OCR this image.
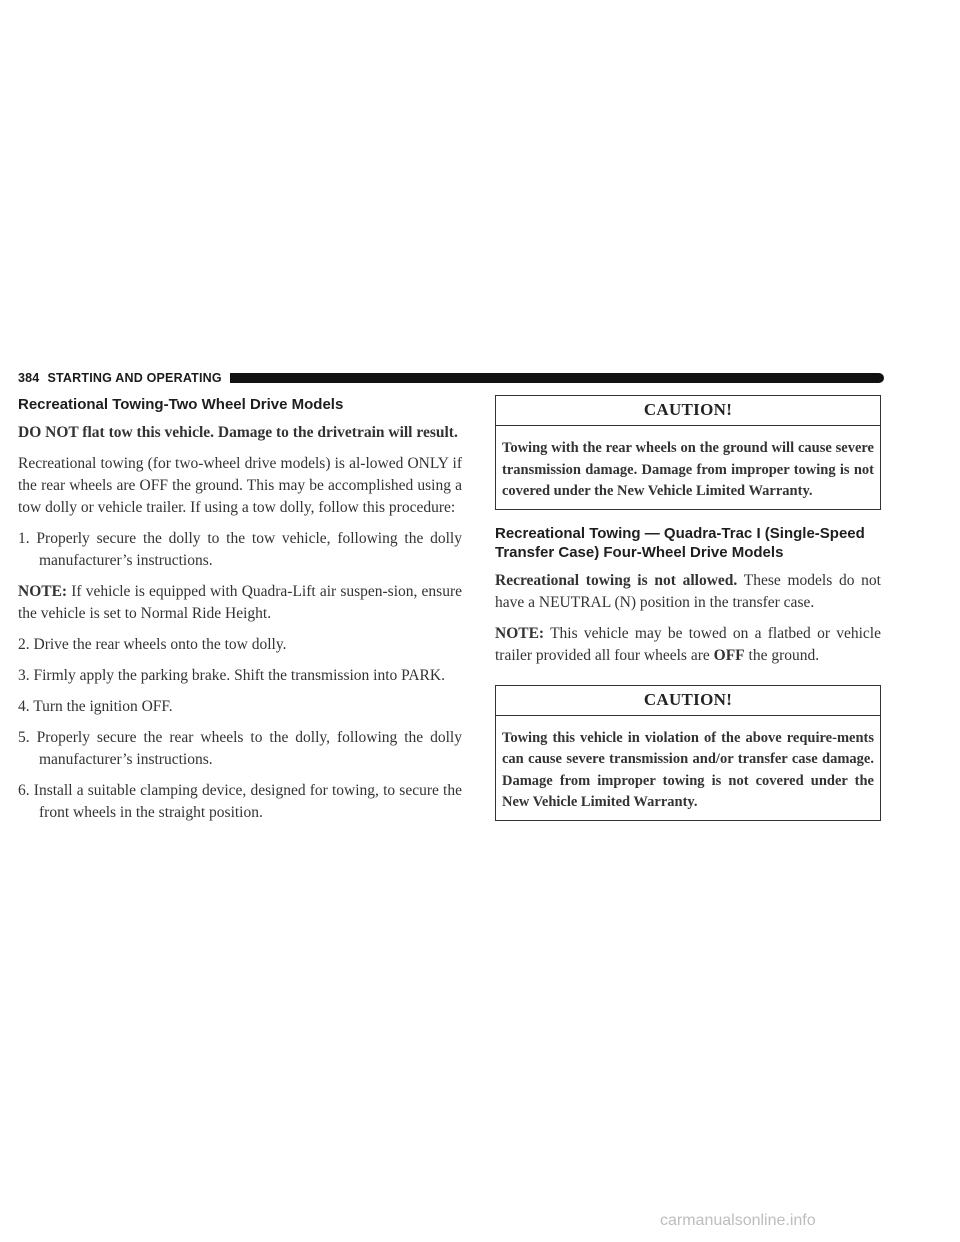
384 STARTING AND OPERATING
Recreational Towing-Two Wheel Drive Models

DO NOT flat tow this vehicle. Damage to the drivetrain will result.

Recreational towing (for two-wheel drive models) is al-lowed ONLY if the rear wheels are OFF the ground. This may be accomplished using a tow dolly or vehicle trailer. If using a tow dolly, follow this procedure:

1. Properly secure the dolly to the tow vehicle, following the dolly manufacturer’s instructions.

NOTE: If vehicle is equipped with Quadra-Lift air suspen-sion, ensure the vehicle is set to Normal Ride Height.

2. Drive the rear wheels onto the tow dolly.
3. Firmly apply the parking brake. Shift the transmission into PARK.
4. Turn the ignition OFF.
5. Properly secure the rear wheels to the dolly, following the dolly manufacturer’s instructions.
6. Install a suitable clamping device, designed for towing, to secure the front wheels in the straight position.
CAUTION!
Towing with the rear wheels on the ground will cause severe transmission damage. Damage from improper towing is not covered under the New Vehicle Limited Warranty.
Recreational Towing — Quadra-Trac I (Single-Speed Transfer Case) Four-Wheel Drive Models

Recreational towing is not allowed. These models do not have a NEUTRAL (N) position in the transfer case.

NOTE: This vehicle may be towed on a flatbed or vehicle trailer provided all four wheels are OFF the ground.

CAUTION!
Towing this vehicle in violation of the above require-ments can cause severe transmission and/or transfer case damage. Damage from improper towing is not covered under the New Vehicle Limited Warranty.
carmanualsonline.info
